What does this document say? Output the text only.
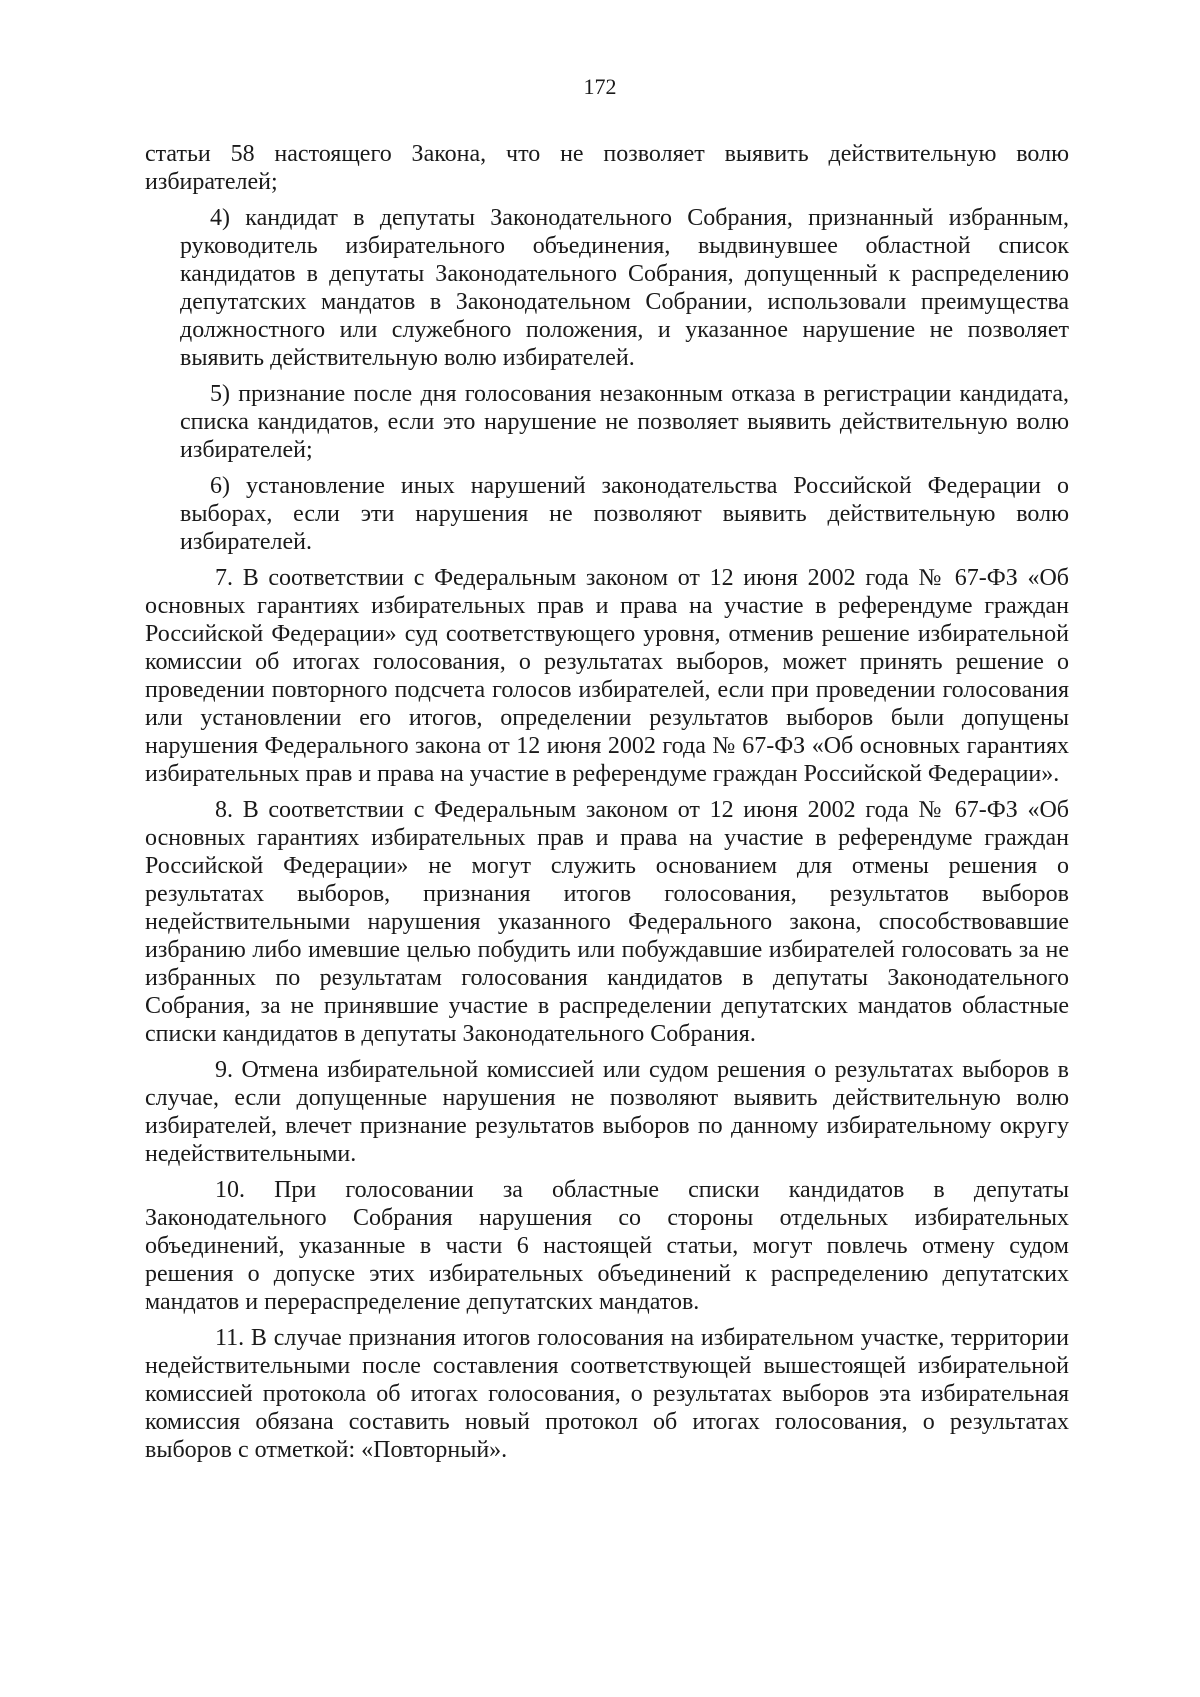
172

статьи 58 настоящего Закона, что не позволяет выявить действительную волю избирателей;

4) кандидат в депутаты Законодательного Собрания, признанный избранным, руководитель избирательного объединения, выдвинувшее областной список кандидатов в депутаты Законодательного Собрания, допущенный к распределению депутатских мандатов в Законодательном Собрании, использовали преимущества должностного или служебного положения, и указанное нарушение не позволяет выявить действительную волю избирателей.

5) признание после дня голосования незаконным отказа в регистрации кандидата, списка кандидатов, если это нарушение не позволяет выявить действительную волю избирателей;

6) установление иных нарушений законодательства Российской Федерации о выборах, если эти нарушения не позволяют выявить действительную волю избирателей.

7. В соответствии с Федеральным законом от 12 июня 2002 года № 67-ФЗ «Об основных гарантиях избирательных прав и права на участие в референдуме граждан Российской Федерации» суд соответствующего уровня, отменив решение избирательной комиссии об итогах голосования, о результатах выборов, может принять решение о проведении повторного подсчета голосов избирателей, если при проведении голосования или установлении его итогов, определении результатов выборов были допущены нарушения Федерального закона от 12 июня 2002 года № 67-ФЗ «Об основных гарантиях избирательных прав и права на участие в референдуме граждан Российской Федерации».

8. В соответствии с Федеральным законом от 12 июня 2002 года № 67-ФЗ «Об основных гарантиях избирательных прав и права на участие в референдуме граждан Российской Федерации» не могут служить основанием для отмены решения о результатах выборов, признания итогов голосования, результатов выборов недействительными нарушения указанного Федерального закона, способствовавшие избранию либо имевшие целью побудить или побуждавшие избирателей голосовать за не избранных по результатам голосования кандидатов в депутаты Законодательного Собрания, за не принявшие участие в распределении депутатских мандатов областные списки кандидатов в депутаты Законодательного Собрания.

9. Отмена избирательной комиссией или судом решения о результатах выборов в случае, если допущенные нарушения не позволяют выявить действительную волю избирателей, влечет признание результатов выборов по данному избирательному округу недействительными.

10. При голосовании за областные списки кандидатов в депутаты Законодательного Собрания нарушения со стороны отдельных избирательных объединений, указанные в части 6 настоящей статьи, могут повлечь отмену судом решения о допуске этих избирательных объединений к распределению депутатских мандатов и перераспределение депутатских мандатов.

11. В случае признания итогов голосования на избирательном участке, территории недействительными после составления соответствующей вышестоящей избирательной комиссией протокола об итогах голосования, о результатах выборов эта избирательная комиссия обязана составить новый протокол об итогах голосования, о результатах выборов с отметкой: «Повторный».
